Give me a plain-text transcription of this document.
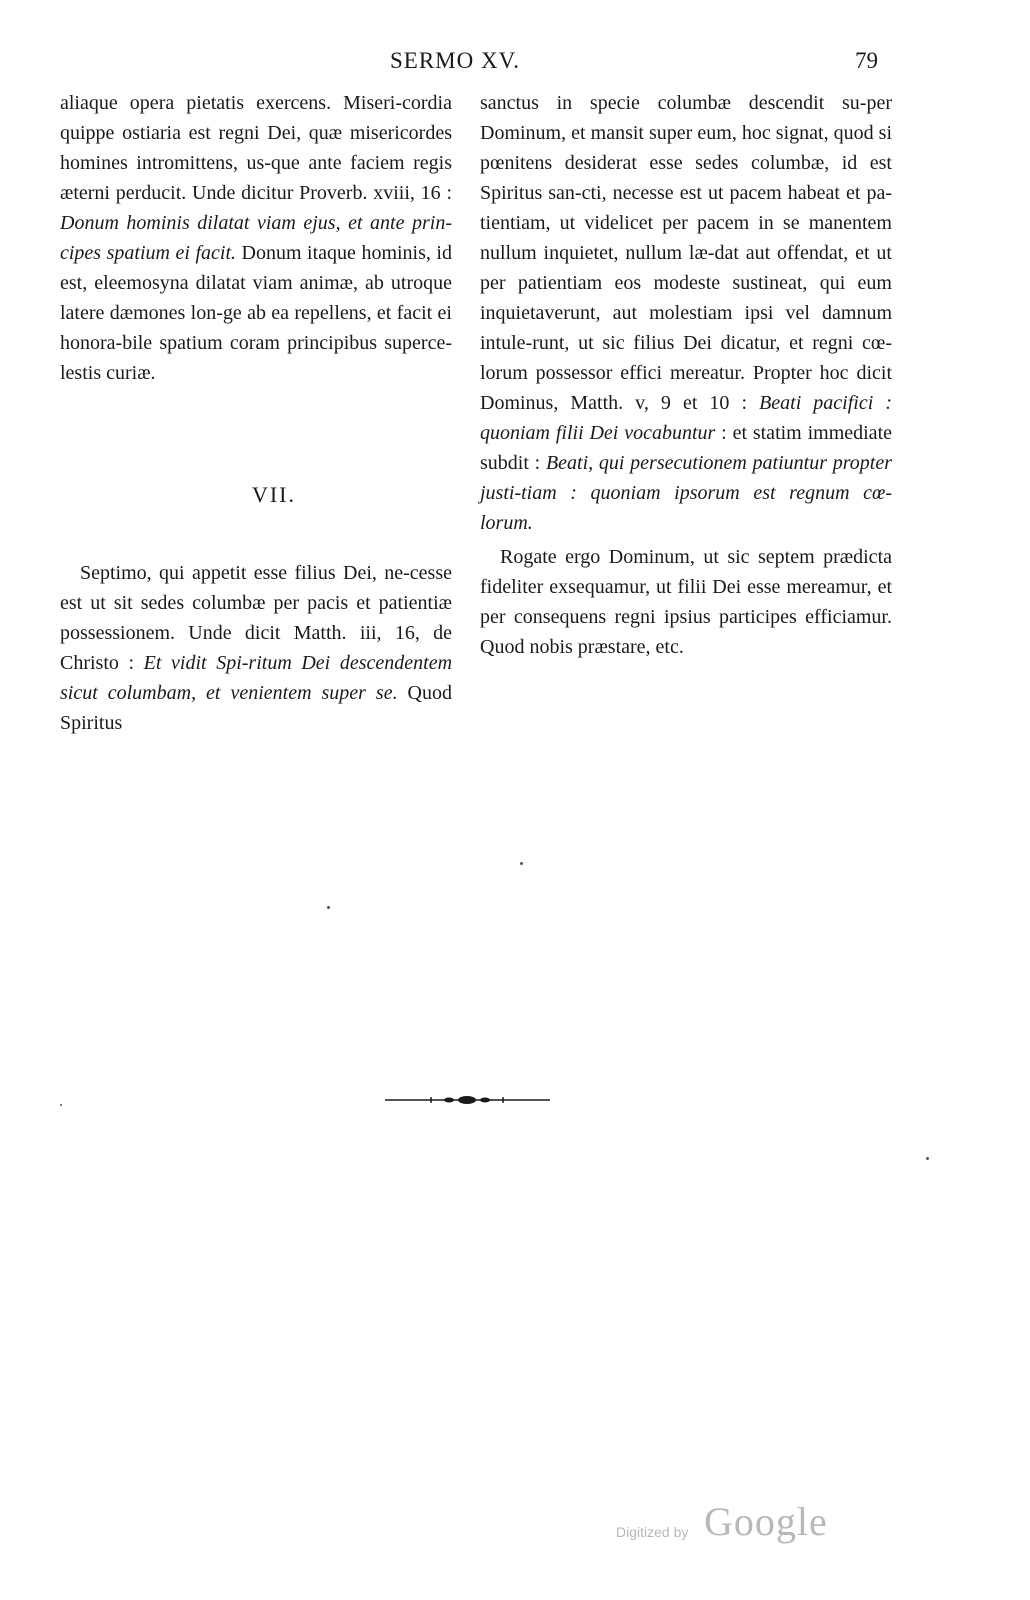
SERMO XV.	79

aliaque opera pietatis exercens. Miseri-cordia quippe ostiaria est regni Dei, quæ misericordes homines intromittens, us-que ante faciem regis æterni perducit. Unde dicitur Proverb. xviii, 16 : Donum hominis dilatat viam ejus, et ante prin-cipes spatium ei facit. Donum itaque hominis, id est, eleemosyna dilatat viam animæ, ab utroque latere dæmones lon-ge ab ea repellens, et facit ei honora-bile spatium coram principibus superce-lestis curiæ.

VII.

Septimo, qui appetit esse filius Dei, ne-cesse est ut sit sedes columbæ per pacis et patientiæ possessionem. Unde dicit Matth. iii, 16, de Christo : Et vidit Spi-ritum Dei descendentem sicut columbam, et venientem super se. Quod Spiritus

sanctus in specie columbæ descendit su-per Dominum, et mansit super eum, hoc signat, quod si pœnitens desiderat esse sedes columbæ, id est Spiritus san-cti, necesse est ut pacem habeat et pa-tientiam, ut videlicet per pacem in se manentem nullum inquietet, nullum læ-dat aut offendat, et ut per patientiam eos modeste sustineat, qui eum inquietaverunt, aut molestiam ipsi vel damnum intule-runt, ut sic filius Dei dicatur, et regni cœ-lorum possessor effici mereatur. Propter hoc dicit Dominus, Matth. v, 9 et 10 : Beati pacifici : quoniam filii Dei vocabuntur : et statim immediate subdit : Beati, qui persecutionem patiuntur propter justi-tiam : quoniam ipsorum est regnum cœ-lorum.

Rogate ergo Dominum, ut sic septem prædicta fideliter exsequamur, ut filii Dei esse mereamur, et per consequens regni ipsius participes efficiamur. Quod nobis præstare, etc.

Digitized by Google
